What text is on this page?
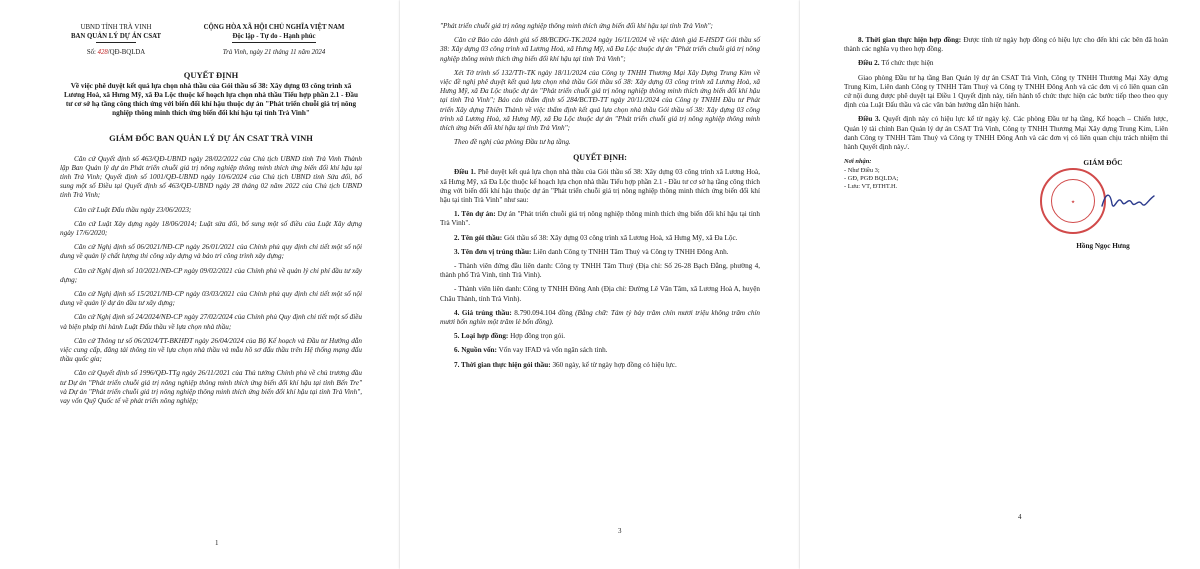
UBND TỈNH TRÀ VINH
BAN QUẢN LÝ DỰ ÁN CSAT
Số: 428/QĐ-BQLDA
CỘNG HÒA XÃ HỘI CHỦ NGHĨA VIỆT NAM
Độc lập - Tự do - Hạnh phúc
Trà Vinh, ngày 21 tháng 11 năm 2024
QUYẾT ĐỊNH
Về việc phê duyệt kết quả lựa chọn nhà thầu của Gói thầu số 38: Xây dựng 03 công trình xã Lương Hoà, xã Hưng Mỹ, xã Đa Lộc thuộc kế hoạch lựa chọn nhà thầu Tiểu hợp phần 2.1 - Đầu tư cơ sở hạ tầng công thích ứng với biến đổi khí hậu thuộc dự án "Phát triển chuỗi giá trị nông nghiệp thông minh thích ứng biến đổi khí hậu tại tỉnh Trà Vinh"
GIÁM ĐỐC BAN QUẢN LÝ DỰ ÁN CSAT TRÀ VINH

Căn cứ Quyết định số 463/QĐ-UBND ngày 28/02/2022 của Chủ tịch UBND tỉnh Trà Vinh Thành lập Ban Quản lý dự án Phát triển chuỗi giá trị nông nghiệp thông minh thích ứng biến đổi khí hậu tại tỉnh Trà Vinh; Quyết định số 1001/QĐ-UBND ngày 10/6/2024 của Chủ tịch UBND tỉnh Sửa đổi, bổ sung một số Điều tại Quyết định số 463/QĐ-UBND ngày 28 tháng 02 năm 2022 của Chủ tịch UBND tỉnh Trà Vinh;

Căn cứ Luật Đấu thầu ngày 23/06/2023;

Căn cứ Luật Xây dựng ngày 18/06/2014; Luật sửa đổi, bổ sung một số điều của Luật Xây dựng ngày 17/6/2020;

Căn cứ Nghị định số 06/2021/NĐ-CP ngày 26/01/2021 của Chính phủ quy định chi tiết một số nội dung về quản lý chất lượng thi công xây dựng và bảo trì công trình xây dựng;

Căn cứ Nghị định số 10/2021/NĐ-CP ngày 09/02/2021 của Chính phủ về quản lý chi phí đầu tư xây dựng;

Căn cứ Nghị định số 15/2021/NĐ-CP ngày 03/03/2021 của Chính phủ quy định chi tiết một số nội dung về quản lý dự án đầu tư xây dựng;

Căn cứ Nghị định số 24/2024/NĐ-CP ngày 27/02/2024 của Chính phủ Quy định chi tiết một số điều và biện pháp thi hành Luật Đấu thầu về lựa chọn nhà thầu;

Căn cứ Thông tư số 06/2024/TT-BKHĐT ngày 26/04/2024 của Bộ Kế hoạch và Đầu tư Hướng dẫn việc cung cấp, đăng tải thông tin về lựa chọn nhà thầu và mẫu hồ sơ đấu thầu trên Hệ thống mạng đấu thầu quốc gia;

Căn cứ Quyết định số 1996/QĐ-TTg ngày 26/11/2021 của Thủ tướng Chính phủ về chủ trương đầu tư Dự án "Phát triển chuỗi giá trị nông nghiệp thông minh thích ứng biến đổi khí hậu tại tỉnh Bến Tre" và Dự án "Phát triển chuỗi giá trị nông nghiệp thông minh thích ứng biến đổi khí hậu tại tỉnh Trà Vinh", vay vốn Quỹ Quốc tế về phát triển nông nghiệp;

1

"Phát triển chuỗi giá trị nông nghiệp thông minh thích ứng biến đổi khí hậu tại tỉnh Trà Vinh";

Căn cứ Báo cáo đánh giá số 88/BCĐG-TK.2024 ngày 16/11/2024 về việc đánh giá E-HSDT Gói thầu số 38: Xây dựng 03 công trình xã Lương Hoà, xã Hưng Mỹ, xã Đa Lộc thuộc dự án "Phát triển chuỗi giá trị nông nghiệp thông minh thích ứng biến đổi khí hậu tại tỉnh Trà Vinh";

Xét Tờ trình số 132/TTr-TK ngày 18/11/2024 của Công ty TNHH Thương Mại Xây Dựng Trung Kim về việc đề nghị phê duyệt kết quả lựa chọn nhà thầu Gói thầu số 38: Xây dựng 03 công trình xã Lương Hoà, xã Hưng Mỹ, xã Đa Lộc thuộc dự án "Phát triển chuỗi giá trị nông nghiệp thông minh thích ứng biến đổi khí hậu tại tỉnh Trà Vinh"; Báo cáo thẩm định số 284/BCTĐ-TT ngày 20/11/2024 của Công ty TNHH Đầu tư Phát triển Xây dựng Thiên Thành về việc thẩm định kết quả lựa chọn nhà thầu Gói thầu số 38: Xây dựng 03 công trình xã Lương Hoà, xã Hưng Mỹ, xã Đa Lộc thuộc dự án "Phát triển chuỗi giá trị nông nghiệp thông minh thích ứng biến đổi khí hậu tại tỉnh Trà Vinh";

Theo đề nghị của phòng Đầu tư hạ tầng.

QUYẾT ĐỊNH:

Điều 1. Phê duyệt kết quả lựa chọn nhà thầu của Gói thầu số 38: Xây dựng 03 công trình xã Lương Hoà, xã Hưng Mỹ, xã Đa Lộc thuộc kế hoạch lựa chọn nhà thầu Tiểu hợp phần 2.1 - Đầu tư cơ sở hạ tầng công thích ứng với biến đổi khí hậu thuộc dự án "Phát triển chuỗi giá trị nông nghiệp thông minh thích ứng biến đổi khí hậu tại tỉnh Trà Vinh" như sau:

1. Tên dự án: Dự án "Phát triển chuỗi giá trị nông nghiệp thông minh thích ứng biến đổi khí hậu tại tỉnh Trà Vinh".

2. Tên gói thầu: Gói thầu số 38: Xây dựng 03 công trình xã Lương Hoà, xã Hưng Mỹ, xã Đa Lộc.

3. Tên đơn vị trúng thầu: Liên danh Công ty TNHH Tâm Thuỷ và Công ty TNHH Đông Anh.

- Thành viên đứng đầu liên danh: Công ty TNHH Tâm Thuỷ (Địa chỉ: Số 26-28 Bạch Đằng, phường 4, thành phố Trà Vinh, tỉnh Trà Vinh).

- Thành viên liên danh: Công ty TNHH Đông Anh (Địa chỉ: Đường Lê Văn Tâm, xã Lương Hoà A, huyện Châu Thành, tỉnh Trà Vinh).

4. Giá trúng thầu: 8.790.094.104 đồng (Bằng chữ: Tám tỷ bảy trăm chín mươi triệu không trăm chín mươi bốn nghìn một trăm lẻ bốn đồng).

5. Loại hợp đồng: Hợp đồng trọn gói.

6. Nguồn vốn: Vốn vay IFAD và vốn ngân sách tỉnh.

7. Thời gian thực hiện gói thầu: 360 ngày, kể từ ngày hợp đồng có hiệu lực.

3

8. Thời gian thực hiện hợp đồng: Được tính từ ngày hợp đồng có hiệu lực cho đến khi các bên đã hoàn thành các nghĩa vụ theo hợp đồng.

Điều 2. Tổ chức thực hiện

Giao phòng Đầu tư hạ tầng Ban Quản lý dự án CSAT Trà Vinh, Công ty TNHH Thương Mại Xây dựng Trung Kim, Liên danh Công ty TNHH Tâm Thuỷ và Công ty TNHH Đông Anh và các đơn vị có liên quan căn cứ nội dung được phê duyệt tại Điều 1 Quyết định này, tiến hành tổ chức thực hiện các bước tiếp theo theo quy định của Luật Đấu thầu và các văn bản hướng dẫn hiện hành.

Điều 3. Quyết định này có hiệu lực kể từ ngày ký. Các phòng Đầu tư hạ tầng, Kế hoạch – Chiến lược, Quản lý tài chính Ban Quản lý dự án CSAT Trà Vinh, Công ty TNHH Thương Mại Xây dựng Trung Kim, Liên danh Công ty TNHH Tâm Thuỷ và Công ty TNHH Đông Anh và các đơn vị có liên quan chịu trách nhiệm thi hành Quyết định này./.

Nơi nhận:
- Như Điều 3;
- GĐ, PGĐ BQLDA;
- Lưu: VT, ĐTHT.H.
GIÁM ĐỐC
★
Hồng Ngọc Hưng
4
